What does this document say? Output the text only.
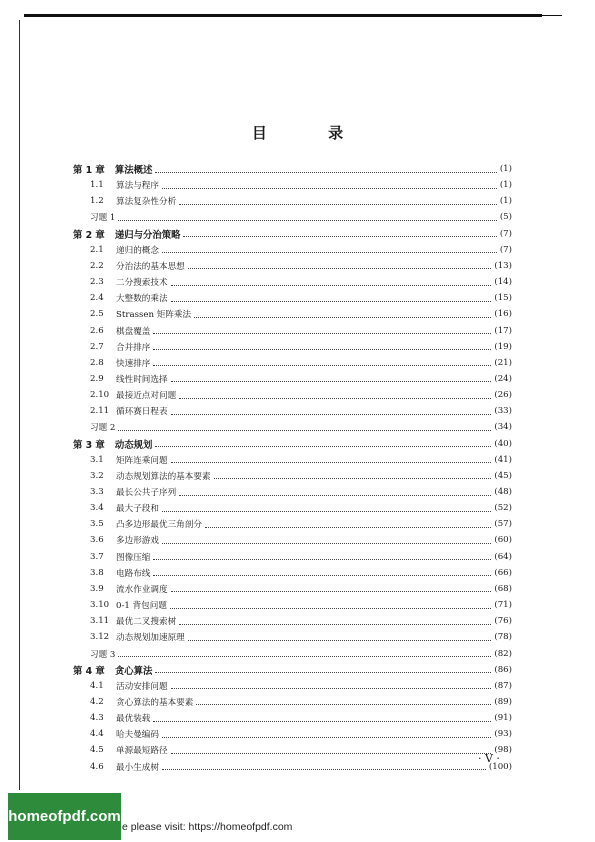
目 录
第 1 章 算法概述	(1)
1.1	算法与程序	(1)
1.2	算法复杂性分析	(1)
习题 1	(5)
第 2 章 递归与分治策略	(7)
2.1	递归的概念	(7)
2.2	分治法的基本思想	(13)
2.3	二分搜索技术	(14)
2.4	大整数的乘法	(15)
2.5	Strassen 矩阵乘法	(16)
2.6	棋盘覆盖	(17)
2.7	合并排序	(19)
2.8	快速排序	(21)
2.9	线性时间选择	(24)
2.10 最接近点对问题	(26)
2.11 循环赛日程表	(33)
习题 2	(34)
第 3 章 动态规划	(40)
3.1	矩阵连乘问题	(41)
3.2	动态规划算法的基本要素	(45)
3.3	最长公共子序列	(48)
3.4	最大子段和	(52)
3.5	凸多边形最优三角剖分	(57)
3.6	多边形游戏	(60)
3.7	图像压缩	(64)
3.8	电路布线	(66)
3.9	流水作业调度	(68)
3.10 0-1 背包问题	(71)
3.11 最优二叉搜索树	(76)
3.12 动态规划加速原理	(78)
习题 3	(82)
第 4 章 贪心算法	(86)
4.1	活动安排问题	(87)
4.2	贪心算法的基本要素	(89)
4.3	最优装载	(91)
4.4	哈夫曼编码	(93)
4.5	单源最短路径	(98)
4.6	最小生成树	(100)
· V ·
homeofpdf.com
e please visit: https://homeofpdf.com
